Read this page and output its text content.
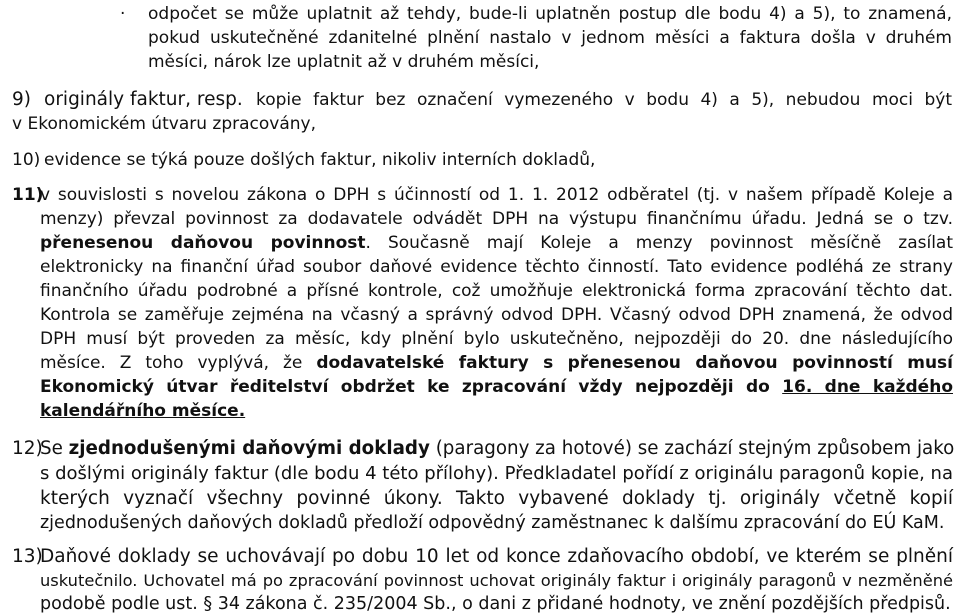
· odpočet se může uplatnit až tehdy, bude-li uplatněn postup dle bodu 4) a 5), to znamená,
pokud uskutečněné zdanitelné plnění nastalo v jednom měsíci a faktura došla v druhém
měsíci, nárok lze uplatnit až v druhém měsíci,
9) originály faktur, resp. kopie faktur bez označení vymezeného v bodu 4) a 5), nebudou moci být
v Ekonomickém útvaru zpracovány,
10) evidence se týká pouze došlých faktur, nikoliv interních dokladů,
11)
v souvislosti s novelou zákona o DPH s účinností od 1. 1. 2012 odběratel (tj. v našem případě Koleje a
menzy) převzal povinnost za dodavatele odvádět DPH na výstupu finančnímu úřadu. Jedná se o tzv.
přenesenou daňovou povinnost. Současně mají Koleje a menzy povinnost měsíčně zasílat
elektronicky na finanční úřad soubor daňové evidence těchto činností. Tato evidence podléhá ze strany
finančního úřadu podrobné a přísné kontrole, což umožňuje elektronická forma zpracování těchto dat.
Kontrola se zaměřuje zejména na včasný a správný odvod DPH. Včasný odvod DPH znamená, že odvod
DPH musí být proveden za měsíc, kdy plnění bylo uskutečněno, nejpozději do 20. dne následujícího
měsíce. Z toho vyplývá, že dodavatelské faktury s přenesenou daňovou povinností musí
Ekonomický útvar ředitelství obdržet ke zpracování vždy nejpozději do 16. dne každého
kalendářního měsíce.
12)
Se zjednodušenými daňovými doklady (paragony za hotové) se zachází stejným způsobem jako
s došlými originály faktur (dle bodu 4 této přílohy). Předkladatel pořídí z originálu paragonů kopie, na
kterých vyznačí všechny povinné úkony. Takto vybavené doklady tj. originály včetně kopií
zjednodušených daňových dokladů předloží odpovědný zaměstnanec k dalšímu zpracování do EÚ KaM.
13)
Daňové doklady se uchovávají po dobu 10 let od konce zdaňovacího období, ve kterém se plnění
uskutečnilo. Uchovatel má po zpracování povinnost uchovat originály faktur i originály paragonů v nezměněné
podobě podle ust. § 34 zákona č. 235/2004 Sb., o dani z přidané hodnoty, ve znění pozdějších předpisů.
